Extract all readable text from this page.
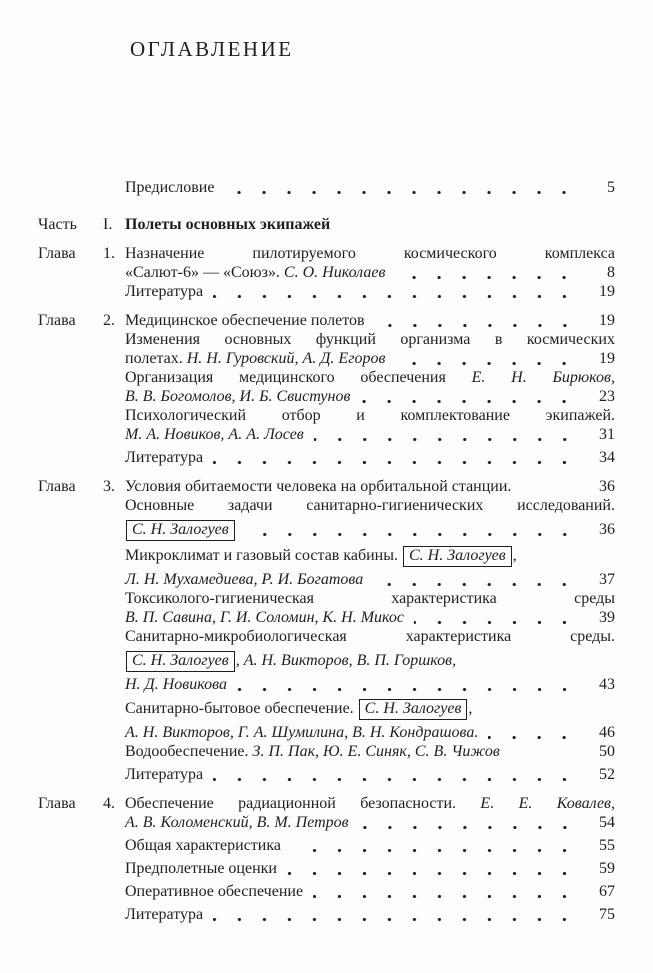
ОГЛАВЛЕНИЕ
Предисловие	5
Часть	I. Полеты основных экипажей
Глава	1. Назначение пилотируемого космического комплекса
«Салют-6» — «Союз». С. О. Николаев	8
Литература	19
Глава	2. Медицинское обеспечение полетов	19
Изменения основных функций организма в космических
полетах. Н. Н. Гуровский, А. Д. Егоров	19
Организация медицинского обеспечения Е. Н. Бирюков,
В. В. Богомолов, И. Б. Свистунов	23
Психологический отбор и комплектование экипажей.
М. А. Новиков, А. А. Лосев	31
Литература	34
Глава	3. Условия обитаемости человека на орбитальной станции.	36
Основные задачи санитарно-гигиенических исследований.
С. Н. Залогуев	36
Микроклимат и газовый состав кабины. С. Н. Залогуев ,
Л. Н. Мухамедиева, Р. И. Богатова	37
Токсиколого-гигиеническая характеристика среды
В. П. Савина, Г. И. Соломин, К. Н. Микос	39
Санитарно-микробиологическая характеристика среды.
С. Н. Залогуев , А. Н. Викторов, В. П. Горшков,
Н. Д. Новикова	43
Санитарно-бытовое обеспечение. С. Н. Залогуев ,
А. Н. Викторов, Г. А. Шумилина, В. Н. Кондрашова.	46
Водообеспечение. З. П. Пак, Ю. Е. Синяк, С. В. Чижов	50
Литература	52
Глава	4. Обеспечение радиационной безопасности. Е. Е. Ковалев,
А. В. Коломенский, В. М. Петров	54
Общая характеристика	55
Предполетные оценки	59
Оперативное обеспечение	67
Литература	75
